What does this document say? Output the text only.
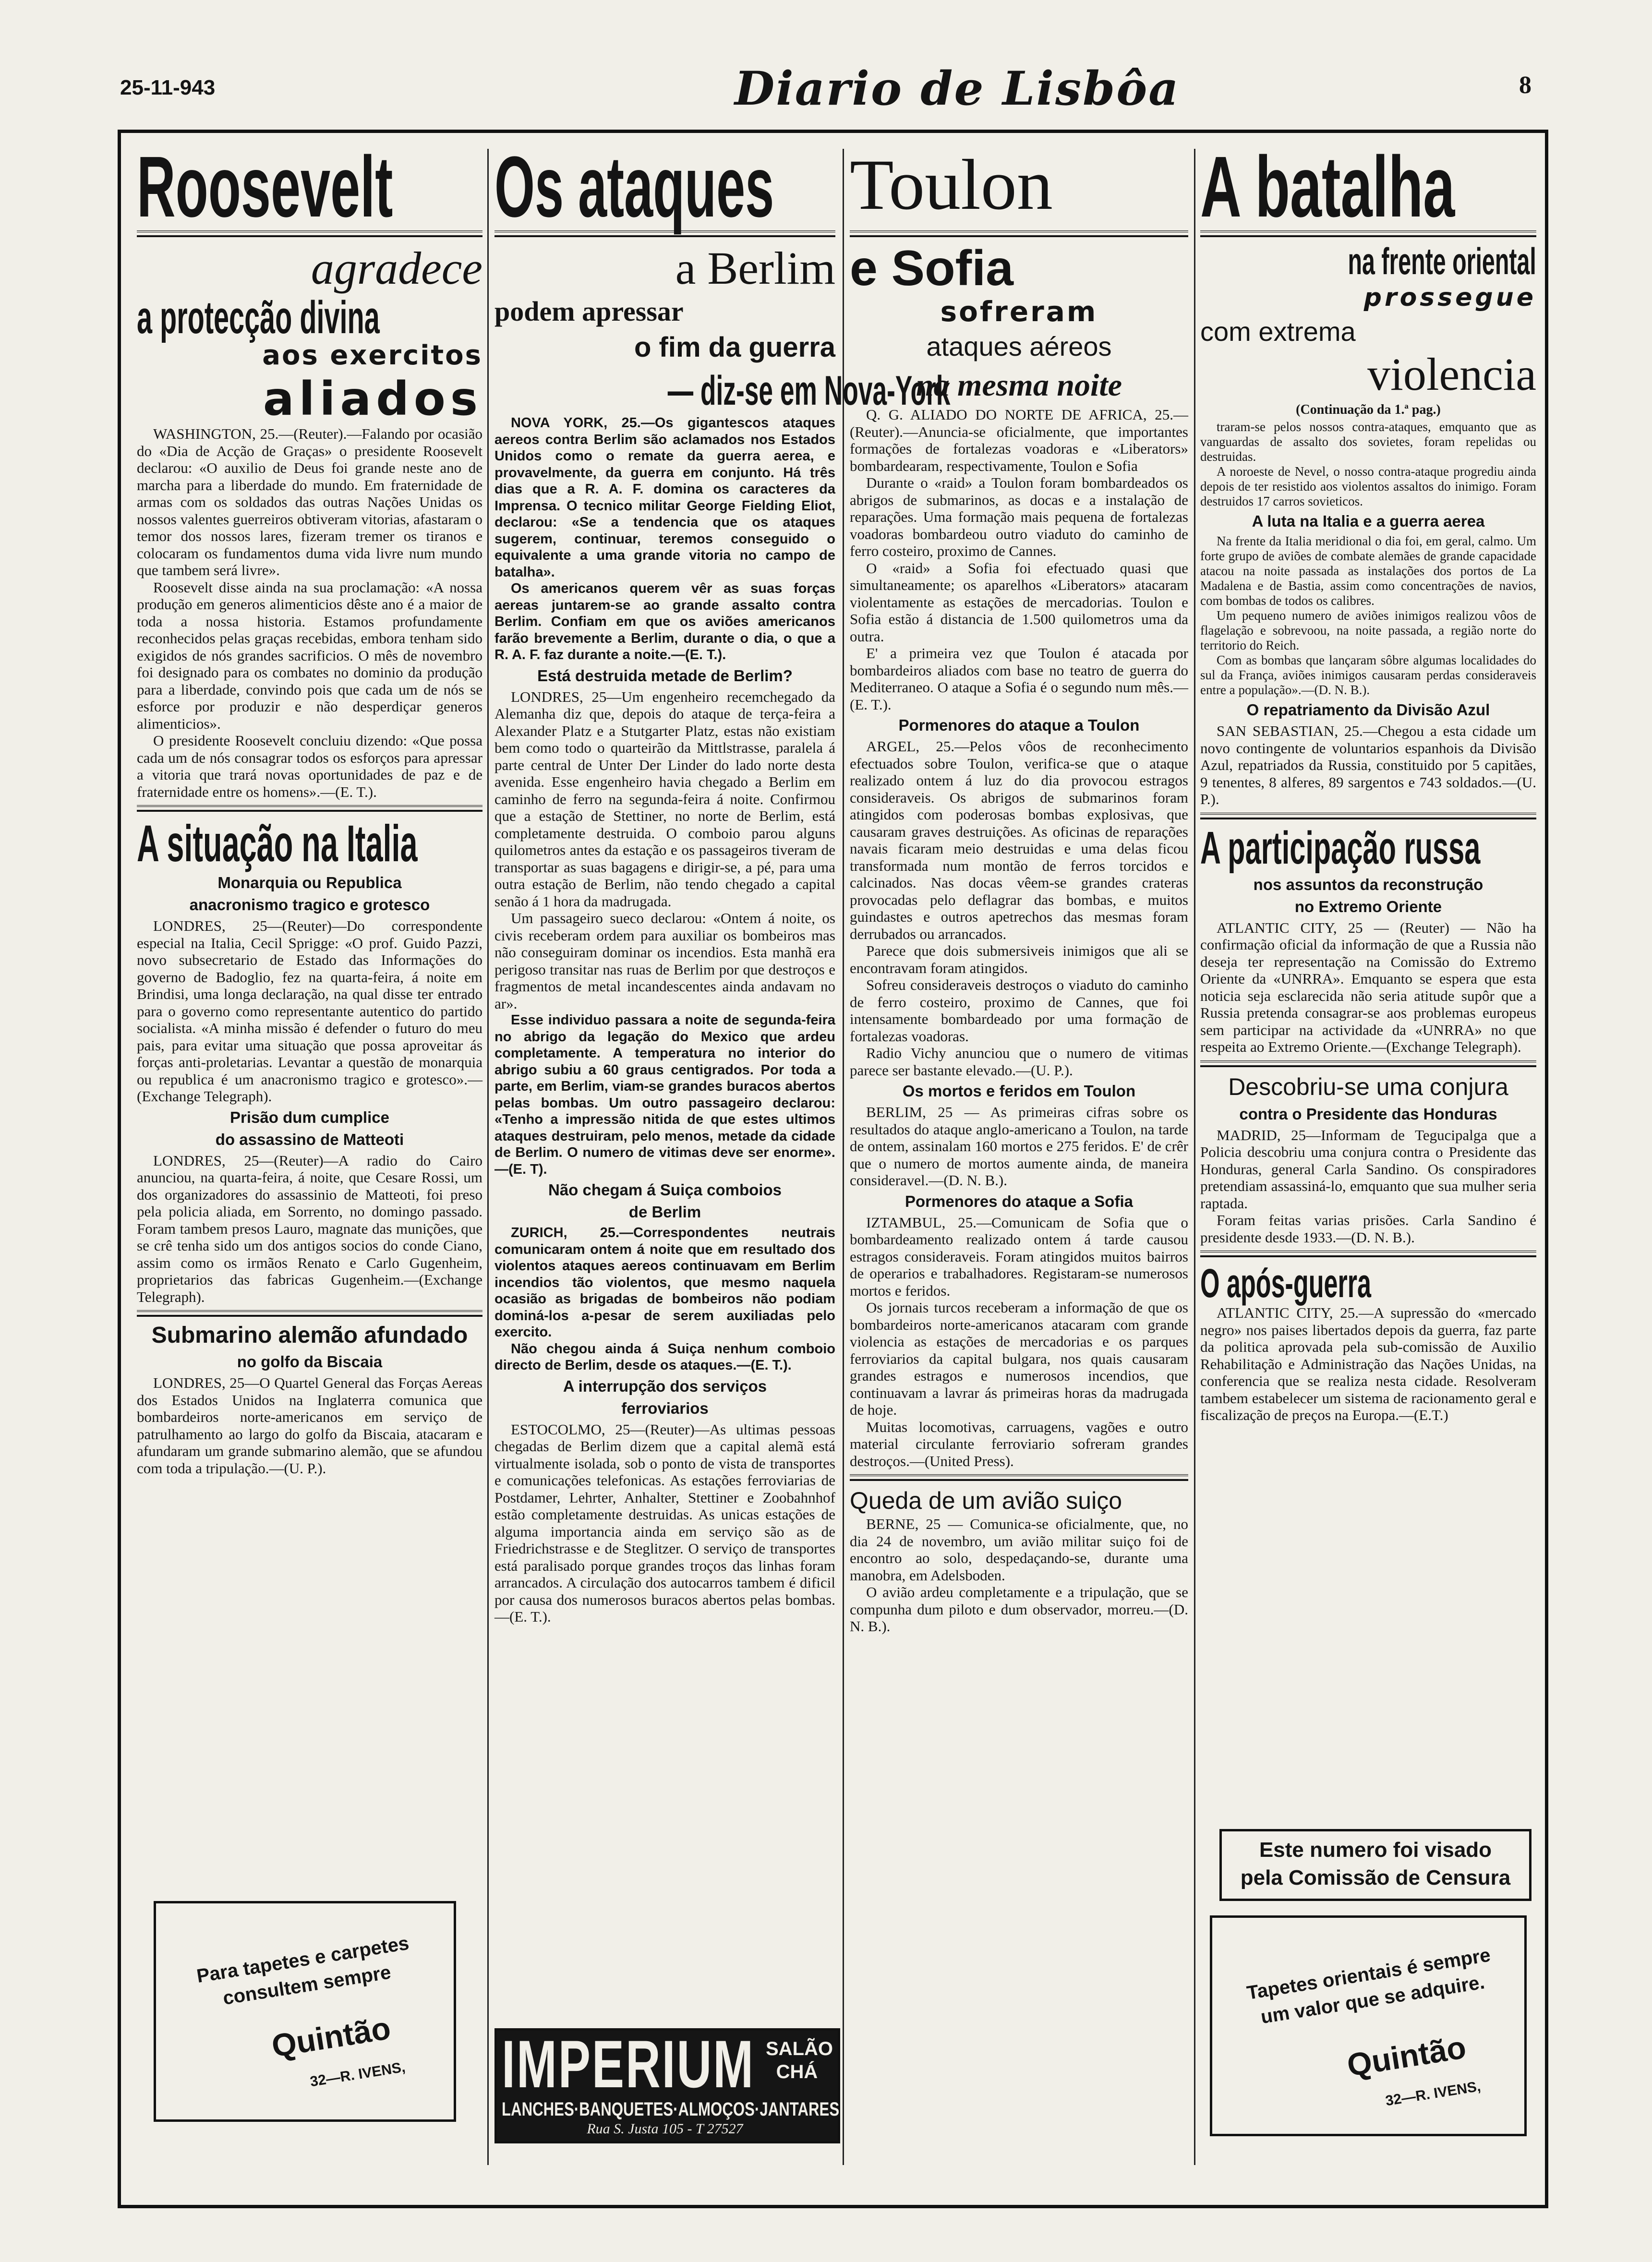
25-11-943	Diario de Lisbôa	8
Roosevelt
agradece
a protecção divina
aos exercitos
aliados

WASHINGTON, 25.—(Reuter).—Falando por ocasião do «Dia de Acção de Graças» o presidente Roosevelt declarou: «O auxilio de Deus foi grande neste ano de marcha para a liberdade do mundo. Em fraternidade de armas com os soldados das outras Nações Unidas os nossos valentes guerreiros obtiveram vitorias, afastaram o temor dos nossos lares, fizeram tremer os tiranos e colocaram os fundamentos duma vida livre num mundo que tambem será livre».

Roosevelt disse ainda na sua proclamação: «A nossa produção em generos alimenticios dêste ano é a maior de toda a nossa historia. Estamos profundamente reconhecidos pelas graças recebidas, embora tenham sido exigidos de nós grandes sacrificios. O mês de novembro foi designado para os combates no dominio da produção para a liberdade, convindo pois que cada um de nós se esforce por produzir e não desperdiçar generos alimenticios».

O presidente Roosevelt concluiu dizendo: «Que possa cada um de nós consagrar todos os esforços para apressar a vitoria que trará novas oportunidades de paz e de fraternidade entre os homens».—(E. T.).

A situação na Italia
Monarquia ou Republica
anacronismo tragico e grotesco

LONDRES, 25—(Reuter)—Do correspondente especial na Italia, Cecil Sprigge: «O prof. Guido Pazzi, novo subsecretario de Estado das Informações do governo de Badoglio, fez na quarta-feira, á noite em Brindisi, uma longa declaração, na qual disse ter entrado para o governo como representante autentico do partido socialista. «A minha missão é defender o futuro do meu pais, para evitar uma situação que possa aproveitar ás forças anti-proletarias. Levantar a questão de monarquia ou republica é um anacronismo tragico e grotesco».—(Exchange Telegraph).

Prisão dum cumplice
do assassino de Matteoti

LONDRES, 25—(Reuter)—A radio do Cairo anunciou, na quarta-feira, á noite, que Cesare Rossi, um dos organizadores do assassinio de Matteoti, foi preso pela policia aliada, em Sorrento, no domingo passado. Foram tambem presos Lauro, magnate das munições, que se crê tenha sido um dos antigos socios do conde Ciano, assim como os irmãos Renato e Carlo Gugenheim, proprietarios das fabricas Gugenheim.—(Exchange Telegraph).

Submarino alemão afundado
no golfo da Biscaia

LONDRES, 25—O Quartel General das Forças Aereas dos Estados Unidos na Inglaterra comunica que bombardeiros norte-americanos em serviço de patrulhamento ao largo do golfo da Biscaia, atacaram e afundaram um grande submarino alemão, que se afundou com toda a tripulação.—(U. P.).

Para tapetes e carpetes consultem sempre
Quintão
32—R. IVENS,
Os ataques
a Berlim
podem apressar
o fim da guerra
— diz-se em Nova-York

NOVA YORK, 25.—Os gigantescos ataques aereos contra Berlim são aclamados nos Estados Unidos como o remate da guerra aerea, e provavelmente, da guerra em conjunto. Há três dias que a R. A. F. domina os caracteres da Imprensa. O tecnico militar George Fielding Eliot, declarou: «Se a tendencia que os ataques sugerem, continuar, teremos conseguido o equivalente a uma grande vitoria no campo de batalha».

Os americanos querem vêr as suas forças aereas juntarem-se ao grande assalto contra Berlim. Confiam em que os aviões americanos farão brevemente a Berlim, durante o dia, o que a R. A. F. faz durante a noite.—(E. T.).

Está destruida metade de Berlim?

LONDRES, 25—Um engenheiro recemchegado da Alemanha diz que, depois do ataque de terça-feira a Alexander Platz e a Stutgarter Platz, estas não existiam bem como todo o quarteirão da Mittlstrasse, paralela á parte central de Unter Der Linder do lado norte desta avenida. Esse engenheiro havia chegado a Berlim em caminho de ferro na segunda-feira á noite. Confirmou que a estação de Stettiner, no norte de Berlim, está completamente destruida. O comboio parou alguns quilometros antes da estação e os passageiros tiveram de transportar as suas bagagens e dirigir-se, a pé, para uma outra estação de Berlim, não tendo chegado a capital senão á 1 hora da madrugada.

Um passageiro sueco declarou: «Ontem á noite, os civis receberam ordem para auxiliar os bombeiros mas não conseguiram dominar os incendios. Esta manhã era perigoso transitar nas ruas de Berlim por que destroços e fragmentos de metal incandescentes ainda andavam no ar».

Esse individuo passara a noite de segunda-feira no abrigo da legação do Mexico que ardeu completamente. A temperatura no interior do abrigo subiu a 60 graus centigrados. Por toda a parte, em Berlim, viam-se grandes buracos abertos pelas bombas. Um outro passageiro declarou: «Tenho a impressão nitida de que estes ultimos ataques destruiram, pelo menos, metade da cidade de Berlim. O numero de vitimas deve ser enorme».—(E. T).

Não chegam á Suiça comboios
de Berlim

ZURICH, 25.—Correspondentes neutrais comunicaram ontem á noite que em resultado dos violentos ataques aereos continuavam em Berlim incendios tão violentos, que mesmo naquela ocasião as brigadas de bombeiros não podiam dominá-los a-pesar de serem auxiliadas pelo exercito.

Não chegou ainda á Suiça nenhum comboio directo de Berlim, desde os ataques.—(E. T.).

A interrupção dos serviços
ferroviarios

ESTOCOLMO, 25—(Reuter)—As ultimas pessoas chegadas de Berlim dizem que a capital alemã está virtualmente isolada, sob o ponto de vista de transportes e comunicações telefonicas. As estações ferroviarias de Postdamer, Lehrter, Anhalter, Stettiner e Zoobahnhof estão completamente destruidas. As unicas estações de alguma importancia ainda em serviço são as de Friedrichstrasse e de Steglitzer. O serviço de transportes está paralisado porque grandes troços das linhas foram arrancados. A circulação dos autocarros tambem é dificil por causa dos numerosos buracos abertos pelas bombas.—(E. T.).

IMPERIUM SALÃO CHÁ
LANCHES·BANQUETES·ALMOÇOS·JANTARES
Rua S. Justa 105 - T 27527
Toulon
e Sofia
sofreram
ataques aéreos
na mesma noite

Q. G. ALIADO DO NORTE DE AFRICA, 25.—(Reuter).—Anuncia-se oficialmente, que importantes formações de fortalezas voadoras e «Liberators» bombardearam, respectivamente, Toulon e Sofia

Durante o «raid» a Toulon foram bombardeados os abrigos de submarinos, as docas e a instalação de reparações. Uma formação mais pequena de fortalezas voadoras bombardeou outro viaduto do caminho de ferro costeiro, proximo de Cannes.

O «raid» a Sofia foi efectuado quasi que simultaneamente; os aparelhos «Liberators» atacaram violentamente as estações de mercadorias. Toulon e Sofia estão á distancia de 1.500 quilometros uma da outra.

E' a primeira vez que Toulon é atacada por bombardeiros aliados com base no teatro de guerra do Mediterraneo. O ataque a Sofia é o segundo num mês.—(E. T.).

Pormenores do ataque a Toulon

ARGEL, 25.—Pelos vôos de reconhecimento efectuados sobre Toulon, verifica-se que o ataque realizado ontem á luz do dia provocou estragos consideraveis. Os abrigos de submarinos foram atingidos com poderosas bombas explosivas, que causaram graves destruições. As oficinas de reparações navais ficaram meio destruidas e uma delas ficou transformada num montão de ferros torcidos e calcinados. Nas docas vêem-se grandes crateras provocadas pelo deflagrar das bombas, e muitos guindastes e outros apetrechos das mesmas foram derrubados ou arrancados.

Parece que dois submersiveis inimigos que ali se encontravam foram atingidos.

Sofreu consideraveis destroços o viaduto do caminho de ferro costeiro, proximo de Cannes, que foi intensamente bombardeado por uma formação de fortalezas voadoras.

Radio Vichy anunciou que o numero de vitimas parece ser bastante elevado.—(U. P.).

Os mortos e feridos em Toulon

BERLIM, 25 — As primeiras cifras sobre os resultados do ataque anglo-americano a Toulon, na tarde de ontem, assinalam 160 mortos e 275 feridos. E' de crêr que o numero de mortos aumente ainda, de maneira consideravel.—(D. N. B.).

Pormenores do ataque a Sofia

IZTAMBUL, 25.—Comunicam de Sofia que o bombardeamento realizado ontem á tarde causou estragos consideraveis. Foram atingidos muitos bairros de operarios e trabalhadores. Registaram-se numerosos mortos e feridos.

Os jornais turcos receberam a informação de que os bombardeiros norte-americanos atacaram com grande violencia as estações de mercadorias e os parques ferroviarios da capital bulgara, nos quais causaram grandes estragos e numerosos incendios, que continuavam a lavrar ás primeiras horas da madrugada de hoje.

Muitas locomotivas, carruagens, vagões e outro material circulante ferroviario sofreram grandes destroços.—(United Press).

Queda de um avião suiço

BERNE, 25 — Comunica-se oficialmente, que, no dia 24 de novembro, um avião militar suiço foi de encontro ao solo, despedaçando-se, durante uma manobra, em Adelsboden.

O avião ardeu completamente e a tripulação, que se compunha dum piloto e dum observador, morreu.—(D. N. B.).

A batalha
na frente oriental
prossegue
com extrema
violencia
(Continuação da 1.ª pag.)

traram-se pelos nossos contra-ataques, emquanto que as vanguardas de assalto dos sovietes, foram repelidas ou destruidas.

A noroeste de Nevel, o nosso contra-ataque progrediu ainda depois de ter resistido aos violentos assaltos do inimigo. Foram destruidos 17 carros sovieticos.

A luta na Italia e a guerra aerea

Na frente da Italia meridional o dia foi, em geral, calmo. Um forte grupo de aviões de combate alemães de grande capacidade atacou na noite passada as instalações dos portos de La Madalena e de Bastia, assim como concentrações de navios, com bombas de todos os calibres.

Um pequeno numero de aviões inimigos realizou vôos de flagelação e sobrevoou, na noite passada, a região norte do territorio do Reich.

Com as bombas que lançaram sôbre algumas localidades do sul da França, aviões inimigos causaram perdas consideraveis entre a população».—(D. N. B.).

O repatriamento da Divisão Azul

SAN SEBASTIAN, 25.—Chegou a esta cidade um novo contingente de voluntarios espanhois da Divisão Azul, repatriados da Russia, constituido por 5 capitães, 9 tenentes, 8 alferes, 89 sargentos e 743 soldados.—(U. P.).

A participação russa
nos assuntos da reconstrução
no Extremo Oriente

ATLANTIC CITY, 25 — (Reuter) — Não ha confirmação oficial da informação de que a Russia não deseja ter representação na Comissão do Extremo Oriente da «UNRRA». Emquanto se espera que esta noticia seja esclarecida não seria atitude supôr que a Russia pretenda consagrar-se aos problemas europeus sem participar na actividade da «UNRRA» no que respeita ao Extremo Oriente.—(Exchange Telegraph).

Descobriu-se uma conjura
contra o Presidente das Honduras

MADRID, 25—Informam de Tegucipalga que a Policia descobriu uma conjura contra o Presidente das Honduras, general Carla Sandino. Os conspiradores pretendiam assassiná-lo, emquanto que sua mulher seria raptada.

Foram feitas varias prisões. Carla Sandino é presidente desde 1933.—(D. N. B.).

O após-guerra

ATLANTIC CITY, 25.—A supressão do «mercado negro» nos paises libertados depois da guerra, faz parte da politica aprovada pela sub-comissão de Auxilio Rehabilitação e Administração das Nações Unidas, na conferencia que se realiza nesta cidade. Resolveram tambem estabelecer um sistema de racionamento geral e fiscalização de preços na Europa.—(E.T.)

Este numero foi visado
pela Comissão de Censura
Tapetes orientais é sempre um valor que se adquire.
Quintão
32—R. IVENS,
